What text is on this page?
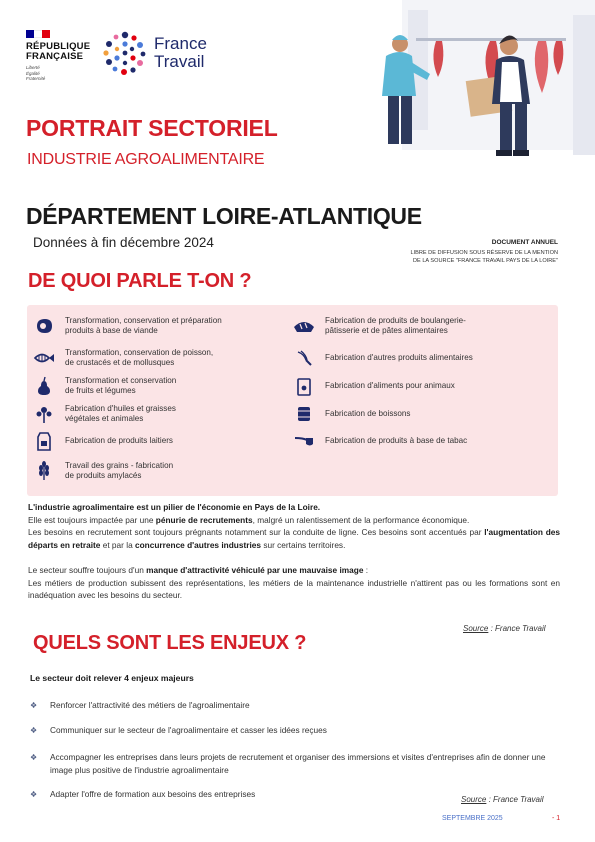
RÉPUBLIQUE
FRANÇAISE
Liberté
Égalité
Fraternité
France
Travail
PORTRAIT SECTORIEL
INDUSTRIE AGROALIMENTAIRE
DÉPARTEMENT LOIRE-ATLANTIQUE
Données à fin décembre 2024	DOCUMENT ANNUEL
LIBRE DE DIFFUSION SOUS RÉSERVE DE LA MENTION
DE LA SOURCE "FRANCE TRAVAIL PAYS DE LA LOIRE"
DE QUOI PARLE T-ON ?
Transformation, conservation et préparation
produits à base de viande
Transformation, conservation de poisson,
de crustacés et de mollusques
Transformation et conservation
de fruits et légumes
Fabrication d'huiles et graisses
végétales et animales
Fabrication de produits laitiers
Travail des grains - fabrication
de produits amylacés
Fabrication de produits de boulangerie-
pâtisserie et de pâtes alimentaires
Fabrication d'autres produits alimentaires
Fabrication d'aliments pour animaux
Fabrication de boissons
Fabrication de produits à base de tabac
L'industrie agroalimentaire est un pilier de l'économie en Pays de la Loire.
Elle est toujours impactée par une pénurie de recrutements, malgré un ralentissement de la performance économique.
Les besoins en recrutement sont toujours prégnants notamment sur la conduite de ligne. Ces besoins sont accentués par l'augmentation des départs en retraite et par la concurrence d'autres industries sur certains territoires.
Le secteur souffre toujours d'un manque d'attractivité véhiculé par une mauvaise image :
Les métiers de production subissent des représentations, les métiers de la maintenance industrielle n'attirent pas ou les formations sont en inadéquation avec les besoins du secteur.
Source : France Travail
QUELS SONT LES ENJEUX ?
Le secteur doit relever 4 enjeux majeurs
❖	Renforcer l'attractivité des métiers de l'agroalimentaire
❖	Communiquer sur le secteur de l'agroalimentaire et casser les idées reçues
❖	Accompagner les entreprises dans leurs projets de recrutement et organiser des immersions et visites d'entreprises afin de donner une image plus positive de l'industrie agroalimentaire
❖	Adapter l'offre de formation aux besoins des entreprises
Source : France Travail
SEPTEMBRE 2025	- 1
